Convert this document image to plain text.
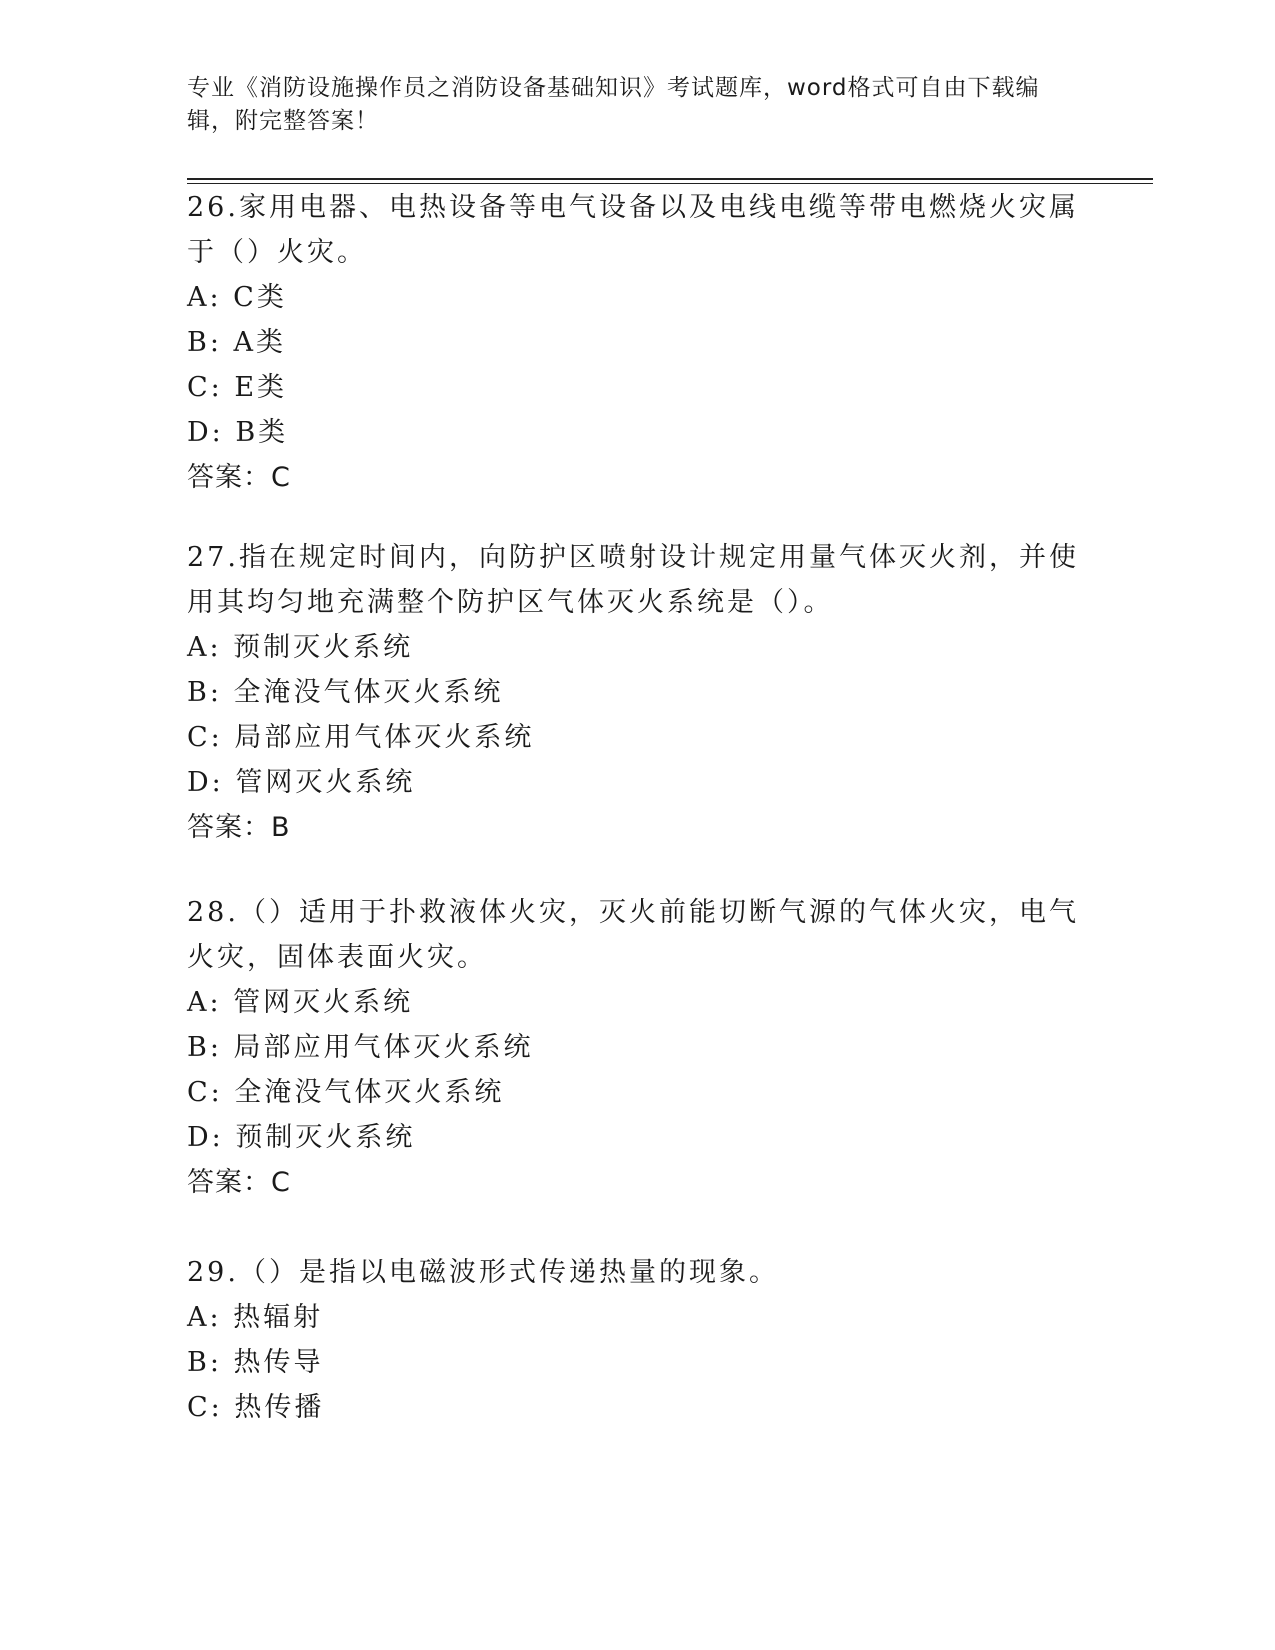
专业《消防设施操作员之消防设备基础知识》考试题库，word格式可自由下载编辑，附完整答案！
26.家用电器、电热设备等电气设备以及电线电缆等带电燃烧火灾属于（）火灾。
A: C类
B: A类
C: E类
D: B类
答案：C
27.指在规定时间内，向防护区喷射设计规定用量气体灭火剂，并使用其均匀地充满整个防护区气体灭火系统是（）。
A: 预制灭火系统
B: 全淹没气体灭火系统
C: 局部应用气体灭火系统
D: 管网灭火系统
答案：B
28.（）适用于扑救液体火灾，灭火前能切断气源的气体火灾，电气火灾，固体表面火灾。
A: 管网灭火系统
B: 局部应用气体灭火系统
C: 全淹没气体灭火系统
D: 预制灭火系统
答案：C
29.（）是指以电磁波形式传递热量的现象。
A: 热辐射
B: 热传导
C: 热传播
